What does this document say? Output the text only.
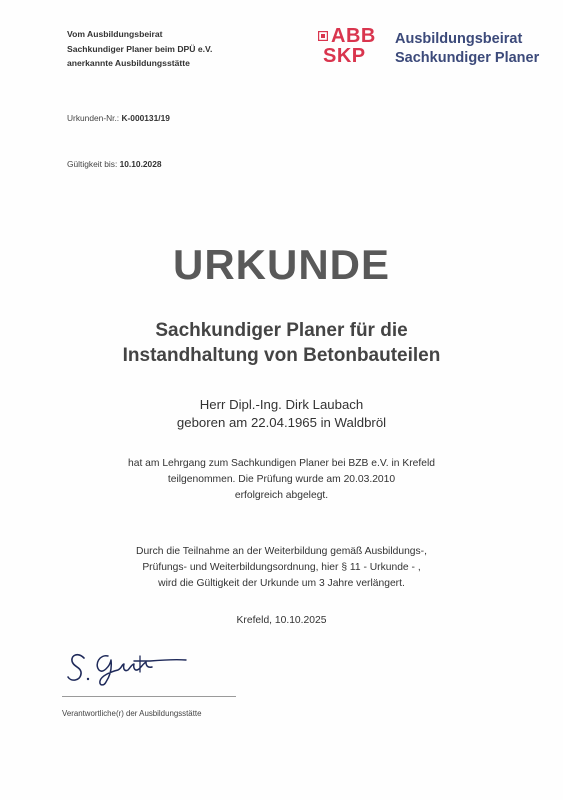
Vom Ausbildungsbeirat
Sachkundiger Planer beim DPÜ e.V.
anerkannte Ausbildungsstätte
ABB
SKP
Ausbildungsbeirat
Sachkundiger Planer
Urkunden-Nr.: K-000131/19
Gültigkeit bis: 10.10.2028
URKUNDE
Sachkundiger Planer für die
Instandhaltung von Betonbauteilen
Herr Dipl.-Ing. Dirk Laubach
geboren am 22.04.1965 in Waldbröl
hat am Lehrgang zum Sachkundigen Planer bei BZB e.V. in Krefeld
teilgenommen. Die Prüfung wurde am 20.03.2010
erfolgreich abgelegt.
Durch die Teilnahme an der Weiterbildung gemäß Ausbildungs-,
Prüfungs- und Weiterbildungsordnung, hier § 11 - Urkunde - ,
wird die Gültigkeit der Urkunde um 3 Jahre verlängert.
Krefeld, 10.10.2025
Verantwortliche(r) der Ausbildungsstätte
